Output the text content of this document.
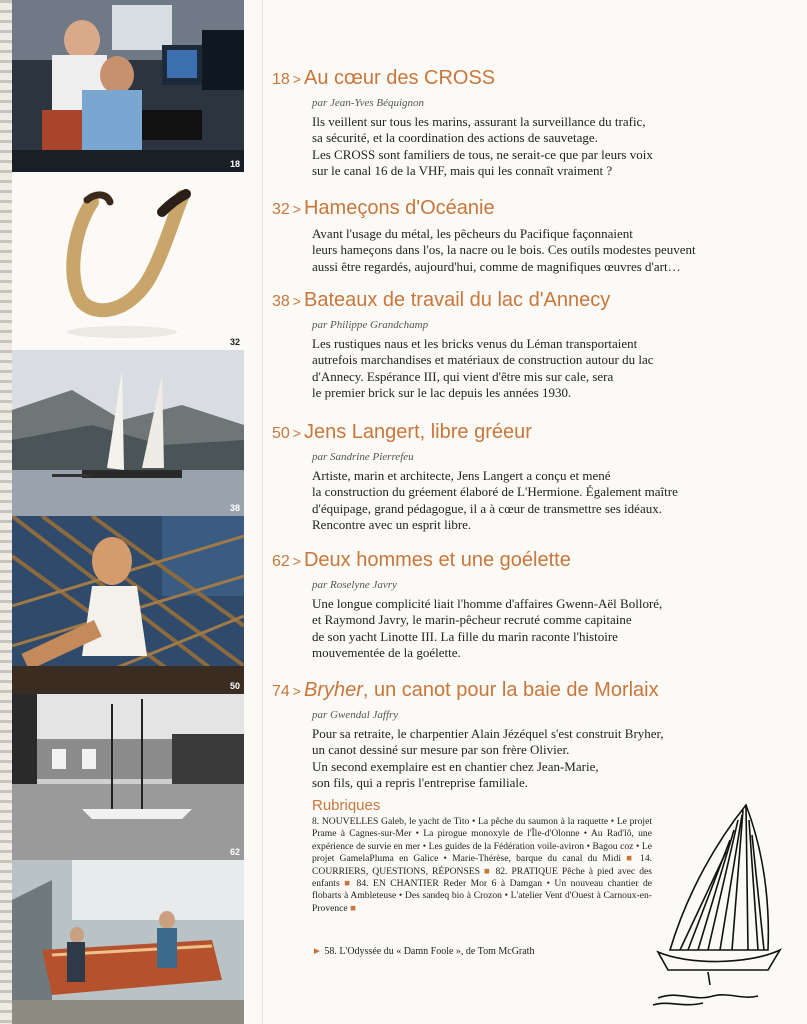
18
32
38
50
62
18 > Au cœur des CROSS
par Jean-Yves Béquignon
Ils veillent sur tous les marins, assurant la surveillance du trafic,
sa sécurité, et la coordination des actions de sauvetage.
Les CROSS sont familiers de tous, ne serait-ce que par leurs voix
sur le canal 16 de la VHF, mais qui les connaît vraiment ?
32 > Hameçons d'Océanie
Avant l'usage du métal, les pêcheurs du Pacifique façonnaient
leurs hameçons dans l'os, la nacre ou le bois. Ces outils modestes peuvent
aussi être regardés, aujourd'hui, comme de magnifiques œuvres d'art…
38 > Bateaux de travail du lac d'Annecy
par Philippe Grandchamp
Les rustiques naus et les bricks venus du Léman transportaient
autrefois marchandises et matériaux de construction autour du lac
d'Annecy. Espérance III, qui vient d'être mis sur cale, sera
le premier brick sur le lac depuis les années 1930.
50 > Jens Langert, libre gréeur
par Sandrine Pierrefeu
Artiste, marin et architecte, Jens Langert a conçu et mené
la construction du gréement élaboré de L'Hermione. Également maître
d'équipage, grand pédagogue, il a à cœur de transmettre ses idéaux.
Rencontre avec un esprit libre.
62 > Deux hommes et une goélette
par Roselyne Javry
Une longue complicité liait l'homme d'affaires Gwenn-Aël Bolloré,
et Raymond Javry, le marin-pêcheur recruté comme capitaine
de son yacht Linotte III. La fille du marin raconte l'histoire
mouvementée de la goélette.
74 > Bryher, un canot pour la baie de Morlaix
par Gwendal Jaffry
Pour sa retraite, le charpentier Alain Jézéquel s'est construit Bryher,
un canot dessiné sur mesure par son frère Olivier.
Un second exemplaire est en chantier chez Jean-Marie,
son fils, qui a repris l'entreprise familiale.
Rubriques
8. NOUVELLES Galeb, le yacht de Tito • La pêche du saumon à la raquette • Le projet Prame à Cagnes-sur-Mer • La pirogue monoxyle de l'Île-d'Olonne • Au Rad'lô, une expérience de survie en mer • Les guides de la Fédération voile-aviron • Bagou coz • Le projet GamelaPluma en Galice • Marie-Thérèse, barque du canal du Midi ■ 14. COURRIERS, QUESTIONS, RÉPONSES ■ 82. PRATIQUE Pêche à pied avec des enfants ■ 84. EN CHANTIER Reder Mor 6 à Damgan • Un nouveau chantier de flobarts à Ambleteuse • Des sandeq bio à Crozon • L'atelier Vent d'Ouest à Carnoux-en-Provence ■
► 58. L'Odyssée du « Damn Foole », de Tom McGrath
